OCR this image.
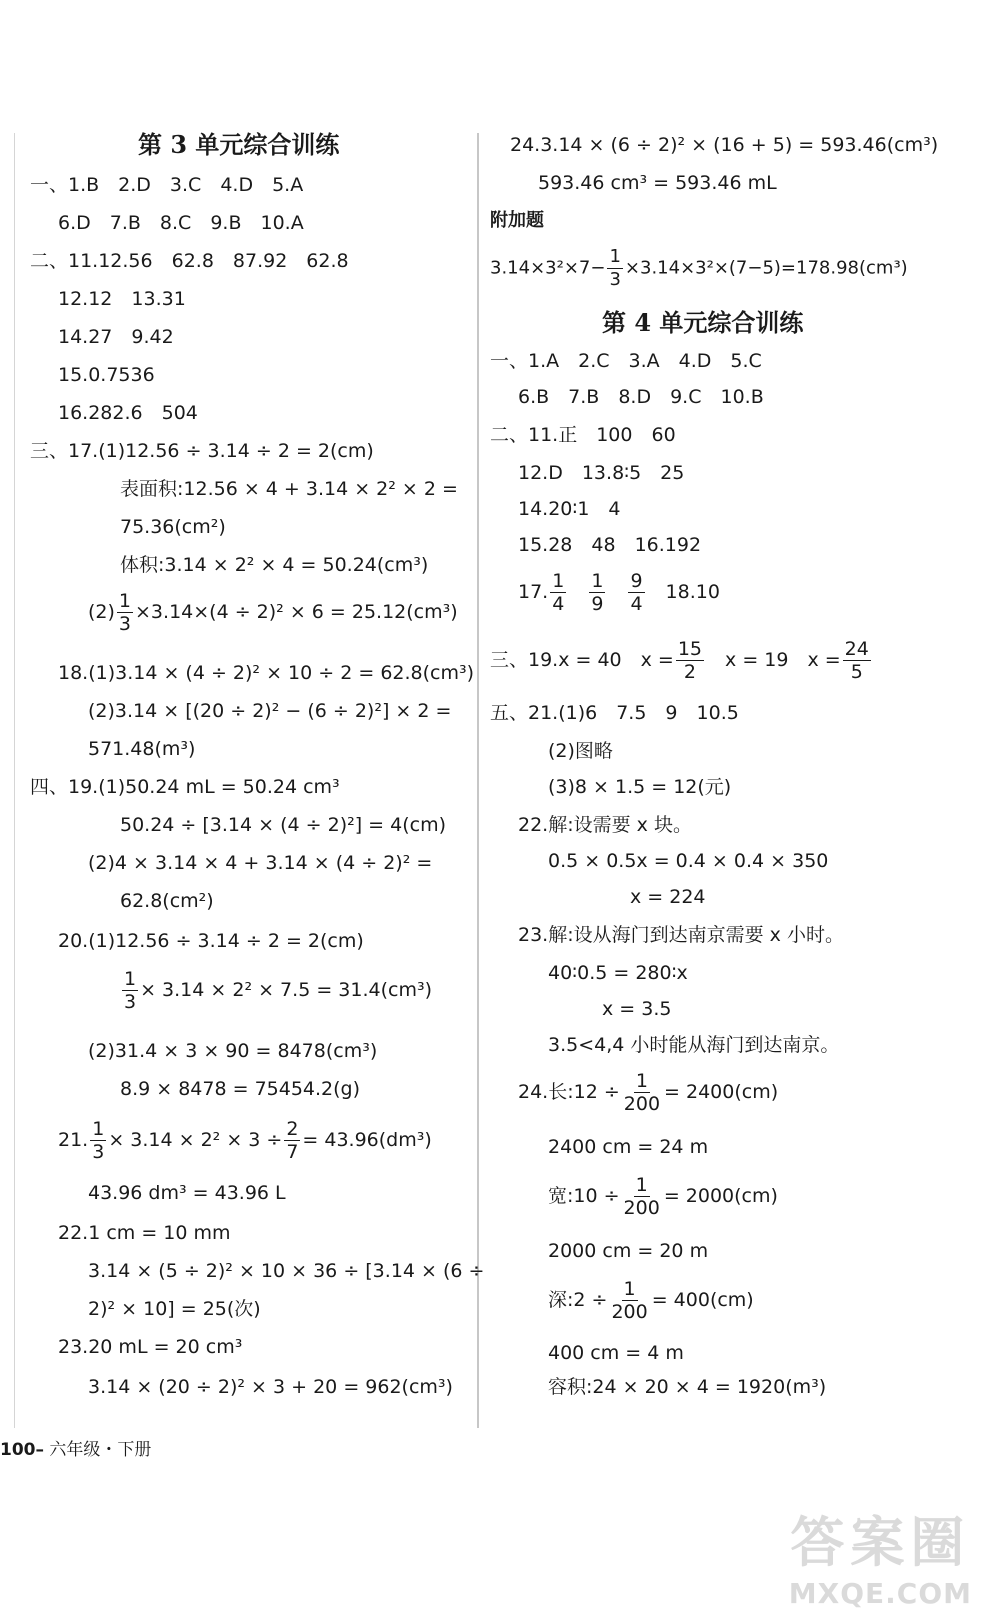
第 3 单元综合训练
一、1.B　2.D　3.C　4.D　5.A
6.D　7.B　8.C　9.B　10.A
二、11.12.56　62.8　87.92　62.8
12.12　13.31
14.27　9.42
15.0.7536
16.282.6　504
三、17.(1)12.56 ÷ 3.14 ÷ 2 = 2(cm)
表面积:12.56 × 4 + 3.14 × 2² × 2 =
75.36(cm²)
体积:3.14 × 2² × 4 = 50.24(cm³)
$(2) \frac{1}{3} \times 3.14\times(4 \div 2)^2 \times 6 = 25.12(cm^3)$
18.(1)3.14 × (4 ÷ 2)² × 10 ÷ 2 = 62.8(cm³)
(2)3.14 × [(20 ÷ 2)² − (6 ÷ 2)²] × 2 =
571.48(m³)
四、19.(1)50.24 mL = 50.24 cm³
50.24 ÷ [3.14 × (4 ÷ 2)²] = 4(cm)
(2)4 × 3.14 × 4 + 3.14 × (4 ÷ 2)² =
62.8(cm²)
20.(1)12.56 ÷ 3.14 ÷ 2 = 2(cm)
$\frac{1}{3} \times 3.14 \times 2^2 \times 7.5 = 31.4(cm^3)$
(2)31.4 × 3 × 90 = 8478(cm³)
8.9 × 8478 = 75454.2(g)
21. $\frac{1}{3} \times 3.14 \times 2^2 \times 3 \div \frac{2}{7} = 43.96(dm^3)$
43.96 dm³ = 43.96 L
22.1 cm = 10 mm
3.14 × (5 ÷ 2)² × 10 × 36 ÷ [3.14 × (6 ÷
2)² × 10] = 25(次)
23.20 mL = 20 cm³
3.14 × (20 ÷ 2)² × 3 + 20 = 962(cm³)
24.3.14 × (6 ÷ 2)² × (16 + 5) = 593.46(cm³)
593.46 cm³ = 593.46 mL
附加题
$3.14\times 3^2\times 7- \frac{1}{3} \times 3.14\times 3^2\times(7-5)=178.98(cm^3)$
第 4 单元综合训练
一、1.A　2.C　3.A　4.D　5.C
6.B　7.B　8.D　9.C　10.B
二、11.正　100　60
12.D　13.8∶5　25
14.20∶1　4
15.28　48　16.192
17. $\frac{1}{4}$
　 $\frac{1}{9}$
　 $\frac{9}{4}$
　 18.10
三、19.x = 40　$x = \frac{15}{2}$
　 x = 19　$x = \frac{24}{5}$
五、21.(1)6　7.5　9　10.5
(2)图略
(3)8 × 1.5 = 12(元)
22.解:设需要 x 块。
0.5 × 0.5x = 0.4 × 0.4 × 350
x = 224
23.解:设从海门到达南京需要 x 小时。
40∶0.5 = 280∶x
x = 3.5
3.5<4,4 小时能从海门到达南京。
24.长:12 ÷ $\frac{1}{200} = 2400(cm)$
2400 cm = 24 m
宽:10 ÷ $\frac{1}{200} = 2000(cm)$
2000 cm = 20 m
深:2 ÷ $\frac{1}{200} = 400(cm)$
400 cm = 4 m
容积:24 × 20 × 4 = 1920(m³)
100– 六年级・下册
答案圈
MXQE.COM
